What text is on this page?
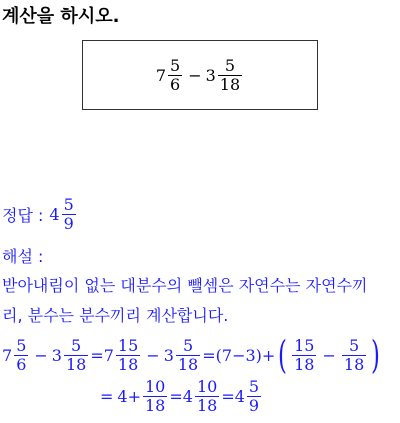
계산을 하시오.
$7 \frac{5}{6} - 3 \frac{5}{18}$
정답 : $4 \frac{5}{9}$
해설 :
받아내림이 없는 대분수의 뺄셈은 자연수는 자연수끼
리, 분수는 분수끼리 계산합니다.
$7 \frac{5}{6} - 3 \frac{5}{18} = 7 \frac{15}{18} - 3 \frac{5}{18} = (7-3)+$ ( $\frac{15}{18} - \frac{5}{18}$ )
= $4+ \frac{10}{18} = 4 \frac{10}{18} = 4 \frac{5}{9}$
